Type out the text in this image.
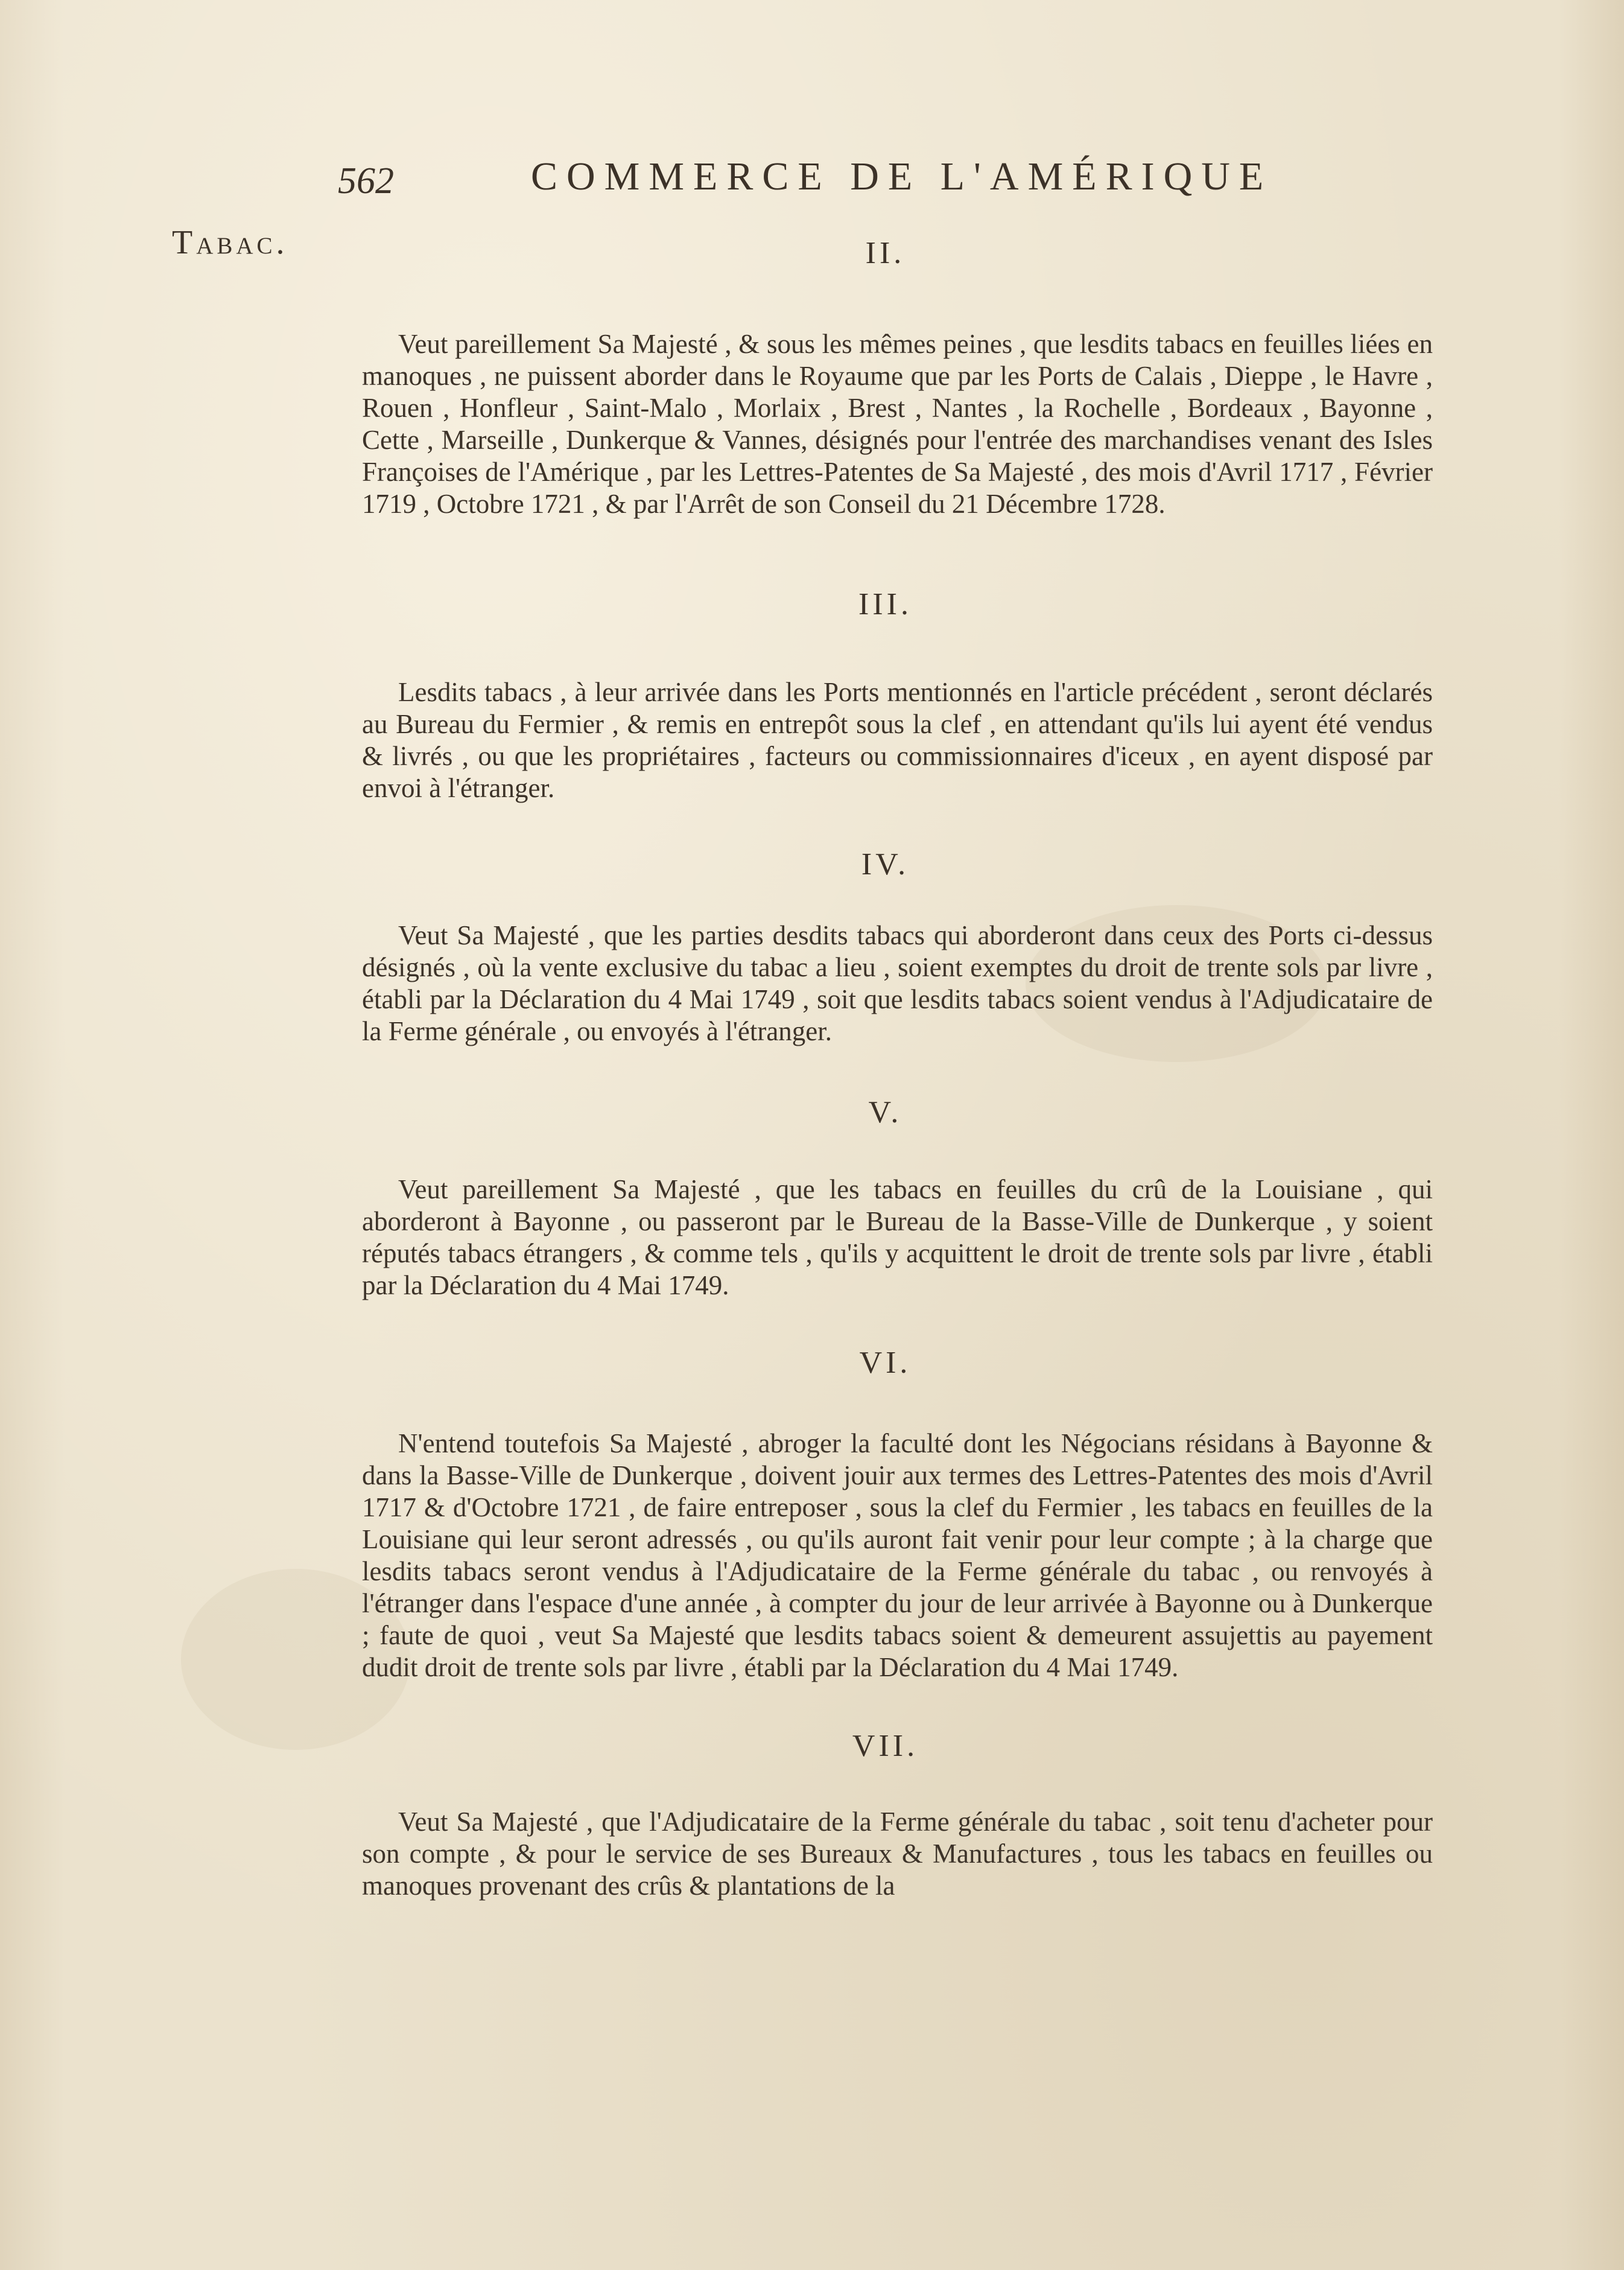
562	COMMERCE DE L'AMÉRIQUE
Tabac.	II.

Veut pareillement Sa Majesté , & sous les mêmes peines , que lesdits tabacs en feuilles liées en manoques , ne puissent aborder dans le Royaume que par les Ports de Calais , Dieppe , le Havre , Rouen , Honfleur , Saint-Malo , Morlaix , Brest , Nantes , la Rochelle , Bordeaux , Bayonne , Cette , Marseille , Dunkerque & Vannes, désignés pour l'entrée des marchandises venant des Isles Françoises de l'Amérique , par les Lettres-Patentes de Sa Majesté , des mois d'Avril 1717 , Février 1719 , Octobre 1721 , & par l'Arrêt de son Conseil du 21 Décembre 1728.

III.

Lesdits tabacs , à leur arrivée dans les Ports mentionnés en l'article précédent , seront déclarés au Bureau du Fermier , & remis en entrepôt sous la clef , en attendant qu'ils lui ayent été vendus & livrés , ou que les propriétaires , facteurs ou commissionnaires d'iceux , en ayent disposé par envoi à l'étranger.

IV.

Veut Sa Majesté , que les parties desdits tabacs qui aborderont dans ceux des Ports ci-dessus désignés , où la vente exclusive du tabac a lieu , soient exemptes du droit de trente sols par livre , établi par la Déclaration du 4 Mai 1749 , soit que lesdits tabacs soient vendus à l'Adjudicataire de la Ferme générale , ou envoyés à l'étranger.

V.

Veut pareillement Sa Majesté , que les tabacs en feuilles du crû de la Louisiane , qui aborderont à Bayonne , ou passeront par le Bureau de la Basse-Ville de Dunkerque , y soient réputés tabacs étrangers , & comme tels , qu'ils y acquittent le droit de trente sols par livre , établi par la Déclaration du 4 Mai 1749.

VI.

N'entend toutefois Sa Majesté , abroger la faculté dont les Négocians résidans à Bayonne & dans la Basse-Ville de Dunkerque , doivent jouir aux termes des Lettres-Patentes des mois d'Avril 1717 & d'Octobre 1721 , de faire entreposer , sous la clef du Fermier , les tabacs en feuilles de la Louisiane qui leur seront adressés , ou qu'ils auront fait venir pour leur compte ; à la charge que lesdits tabacs seront vendus à l'Adjudicataire de la Ferme générale du tabac , ou renvoyés à l'étranger dans l'espace d'une année , à compter du jour de leur arrivée à Bayonne ou à Dunkerque ; faute de quoi , veut Sa Majesté que lesdits tabacs soient & demeurent assujettis au payement dudit droit de trente sols par livre , établi par la Déclaration du 4 Mai 1749.

VII.

Veut Sa Majesté , que l'Adjudicataire de la Ferme générale du tabac , soit tenu d'acheter pour son compte , & pour le service de ses Bureaux & Manufactures , tous les tabacs en feuilles ou manoques provenant des crûs & plantations de la
